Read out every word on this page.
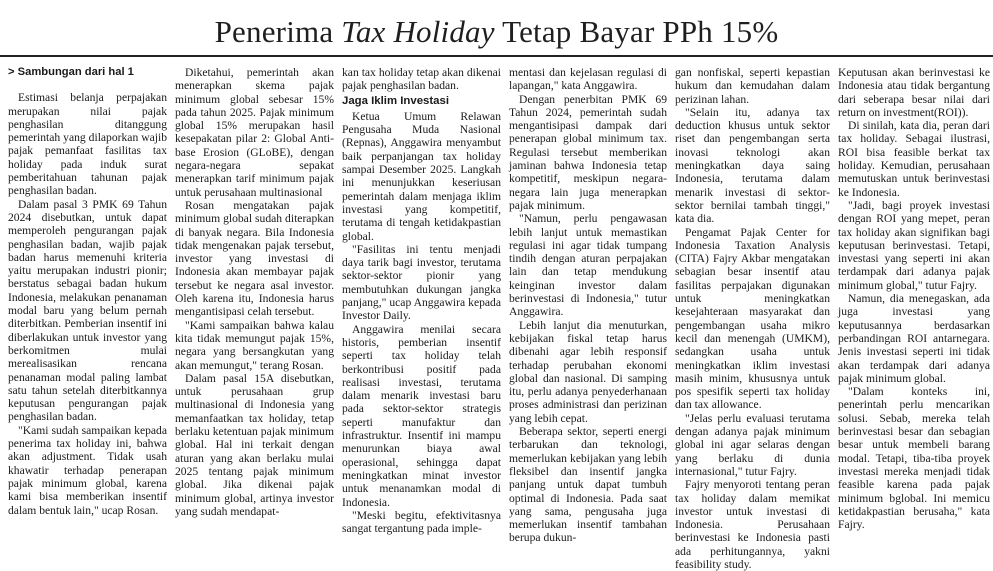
Penerima Tax Holiday Tetap Bayar PPh 15%

> Sambungan dari hal 1

Estimasi belanja perpajakan merupakan nilai pajak penghasilan ditanggung pemerintah yang dilaporkan wajib pajak pemanfaat fasilitas tax holiday pada induk surat pemberitahuan tahunan pajak penghasilan badan.

Dalam pasal 3 PMK 69 Tahun 2024 disebutkan, untuk dapat memperoleh pengurangan pajak penghasilan badan, wajib pajak badan harus memenuhi kriteria yaitu merupakan industri pionir; berstatus sebagai badan hukum Indonesia, melakukan penanaman modal baru yang belum pernah diterbitkan. Pemberian insentif ini diberlakukan untuk investor yang berkomitmen mulai merealisasikan rencana penanaman modal paling lambat satu tahun setelah diterbitkannya keputusan pengurangan pajak penghasilan badan.

"Kami sudah sampaikan kepada penerima tax holiday ini, bahwa akan adjustment. Tidak usah khawatir terhadap penerapan pajak minimum global, karena kami bisa memberikan insentif dalam bentuk lain," ucap Rosan.

Diketahui, pemerintah akan menerapkan skema pajak minimum global sebesar 15% pada tahun 2025. Pajak minimum global 15% merupakan hasil kesepakatan pilar 2: Global Anti-base Erosion (GLoBE), dengan negara-negara sepakat menerapkan tarif minimum pajak untuk perusahaan multinasional

Rosan mengatakan pajak minimum global sudah diterapkan di banyak negara. Bila Indonesia tidak mengenakan pajak tersebut, investor yang investasi di Indonesia akan membayar pajak tersebut ke negara asal investor. Oleh karena itu, Indonesia harus mengantisipasi celah tersebut.

"Kami sampaikan bahwa kalau kita tidak memungut pajak 15%, negara yang bersangkutan yang akan memungut," terang Rosan.

Dalam pasal 15A disebutkan, untuk perusahaan grup multinasional di Indonesia yang memanfaatkan tax holiday, tetap berlaku ketentuan pajak minimum global. Hal ini terkait dengan aturan yang akan berlaku mulai 2025 tentang pajak minimum global. Jika dikenai pajak minimum global, artinya investor yang sudah mendapat-

kan tax holiday tetap akan dikenai pajak penghasilan badan.

Jaga Iklim Investasi

Ketua Umum Relawan Pengusaha Muda Nasional (Repnas), Anggawira menyambut baik perpanjangan tax holiday sampai Desember 2025. Langkah ini menunjukkan keseriusan pemerintah dalam menjaga iklim investasi yang kompetitif, terutama di tengah ketidakpastian global.

"Fasilitas ini tentu menjadi daya tarik bagi investor, terutama sektor-sektor pionir yang membutuhkan dukungan jangka panjang," ucap Anggawira kepada Investor Daily.

Anggawira menilai secara historis, pemberian insentif seperti tax holiday telah berkontribusi positif pada realisasi investasi, terutama dalam menarik investasi baru pada sektor-sektor strategis seperti manufaktur dan infrastruktur. Insentif ini mampu menurunkan biaya awal operasional, sehingga dapat meningkatkan minat investor untuk menanamkan modal di Indonesia.

"Meski begitu, efektivitasnya sangat tergantung pada imple-

mentasi dan kejelasan regulasi di lapangan," kata Anggawira.

Dengan penerbitan PMK 69 Tahun 2024, pemerintah sudah mengantisipasi dampak dari penerapan global minimum tax. Regulasi tersebut memberikan jaminan bahwa Indonesia tetap kompetitif, meskipun negara-negara lain juga menerapkan pajak minimum.

"Namun, perlu pengawasan lebih lanjut untuk memastikan regulasi ini agar tidak tumpang tindih dengan aturan perpajakan lain dan tetap mendukung keinginan investor dalam berinvestasi di Indonesia," tutur Anggawira.

Lebih lanjut dia menuturkan, kebijakan fiskal tetap harus dibenahi agar lebih responsif terhadap perubahan ekonomi global dan nasional. Di samping itu, perlu adanya penyederhanaan proses administrasi dan perizinan yang lebih cepat.

Beberapa sektor, seperti energi terbarukan dan teknologi, memerlukan kebijakan yang lebih fleksibel dan insentif jangka panjang untuk dapat tumbuh optimal di Indonesia. Pada saat yang sama, pengusaha juga memerlukan insentif tambahan berupa dukun-

gan nonfiskal, seperti kepastian hukum dan kemudahan dalam perizinan lahan.

"Selain itu, adanya tax deduction khusus untuk sektor riset dan pengembangan serta inovasi teknologi akan meningkatkan daya saing Indonesia, terutama dalam menarik investasi di sektor-sektor bernilai tambah tinggi," kata dia.

Pengamat Pajak Center for Indonesia Taxation Analysis (CITA) Fajry Akbar mengatakan sebagian besar insentif atau fasilitas perpajakan digunakan untuk meningkatkan kesejahteraan masyarakat dan pengembangan usaha mikro kecil dan menengah (UMKM), sedangkan usaha untuk meningkatkan iklim investasi masih minim, khususnya untuk pos spesifik seperti tax holiday dan tax allowance.

"Jelas perlu evaluasi terutama dengan adanya pajak minimum global ini agar selaras dengan yang berlaku di dunia internasional," tutur Fajry.

Fajry menyoroti tentang peran tax holiday dalam memikat investor untuk investasi di Indonesia. Perusahaan berinvestasi ke Indonesia pasti ada perhitungannya, yakni feasibility study.

Keputusan akan berinvestasi ke Indonesia atau tidak bergantung dari seberapa besar nilai dari return on investment(ROI)).

Di sinilah, kata dia, peran dari tax holiday. Sebagai ilustrasi, ROI bisa feasible berkat tax holiday. Kemudian, perusahaan memutuskan untuk berinvestasi ke Indonesia.

"Jadi, bagi proyek investasi dengan ROI yang mepet, peran tax holiday akan signifikan bagi keputusan berinvestasi. Tetapi, investasi yang seperti ini akan terdampak dari adanya pajak minimum global," tutur Fajry.

Namun, dia menegaskan, ada juga investasi yang keputusannya berdasarkan perbandingan ROI antarnegara. Jenis investasi seperti ini tidak akan terdampak dari adanya pajak minimum global.

"Dalam konteks ini, penerintah perlu mencarikan solusi. Sebab, mereka telah berinvestasi besar dan sebagian besar untuk membeli barang modal. Tetapi, tiba-tiba proyek investasi mereka menjadi tidak feasible karena pada pajak minimum bglobal. Ini memicu ketidakpastian berusaha," kata Fajry.
